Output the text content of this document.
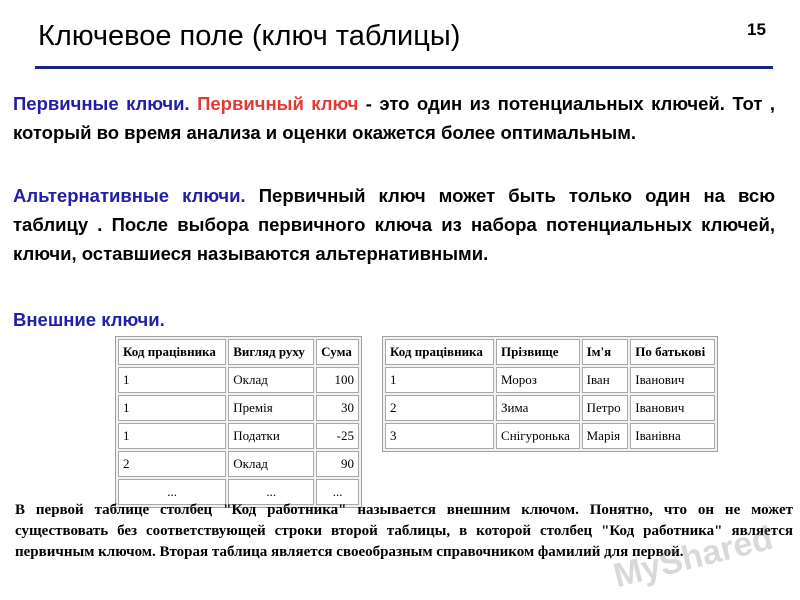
Ключевое поле (ключ таблицы)	15
Первичные ключи. Первичный ключ - это один из потенциальных ключей. Тот , который во время анализа и оценки окажется более оптимальным.
Альтернативные ключи. Первичный ключ может быть только один на всю таблицу . После выбора первичного ключа из набора потенциальных ключей, ключи, оставшиеся называются альтернативными.
Внешние ключи.
Код працівника	Вигляд руху	Сума
1	Оклад	100
1	Премія	30
1	Податки	-25
2	Оклад	90
...	...	...
Код працівника	Прізвище	Ім'я	По батькові
1	Мороз	Іван	Іванович
2	Зима	Петро	Іванович
3	Снігуронька	Марія	Іванівна
В первой таблице столбец "Код работника" называется внешним ключом. Понятно, что он не может существовать без соответствующей строки второй таблицы, в которой столбец "Код работника" является первичным ключом. Вторая таблица является своеобразным справочником фамилий для первой.
MyShared
